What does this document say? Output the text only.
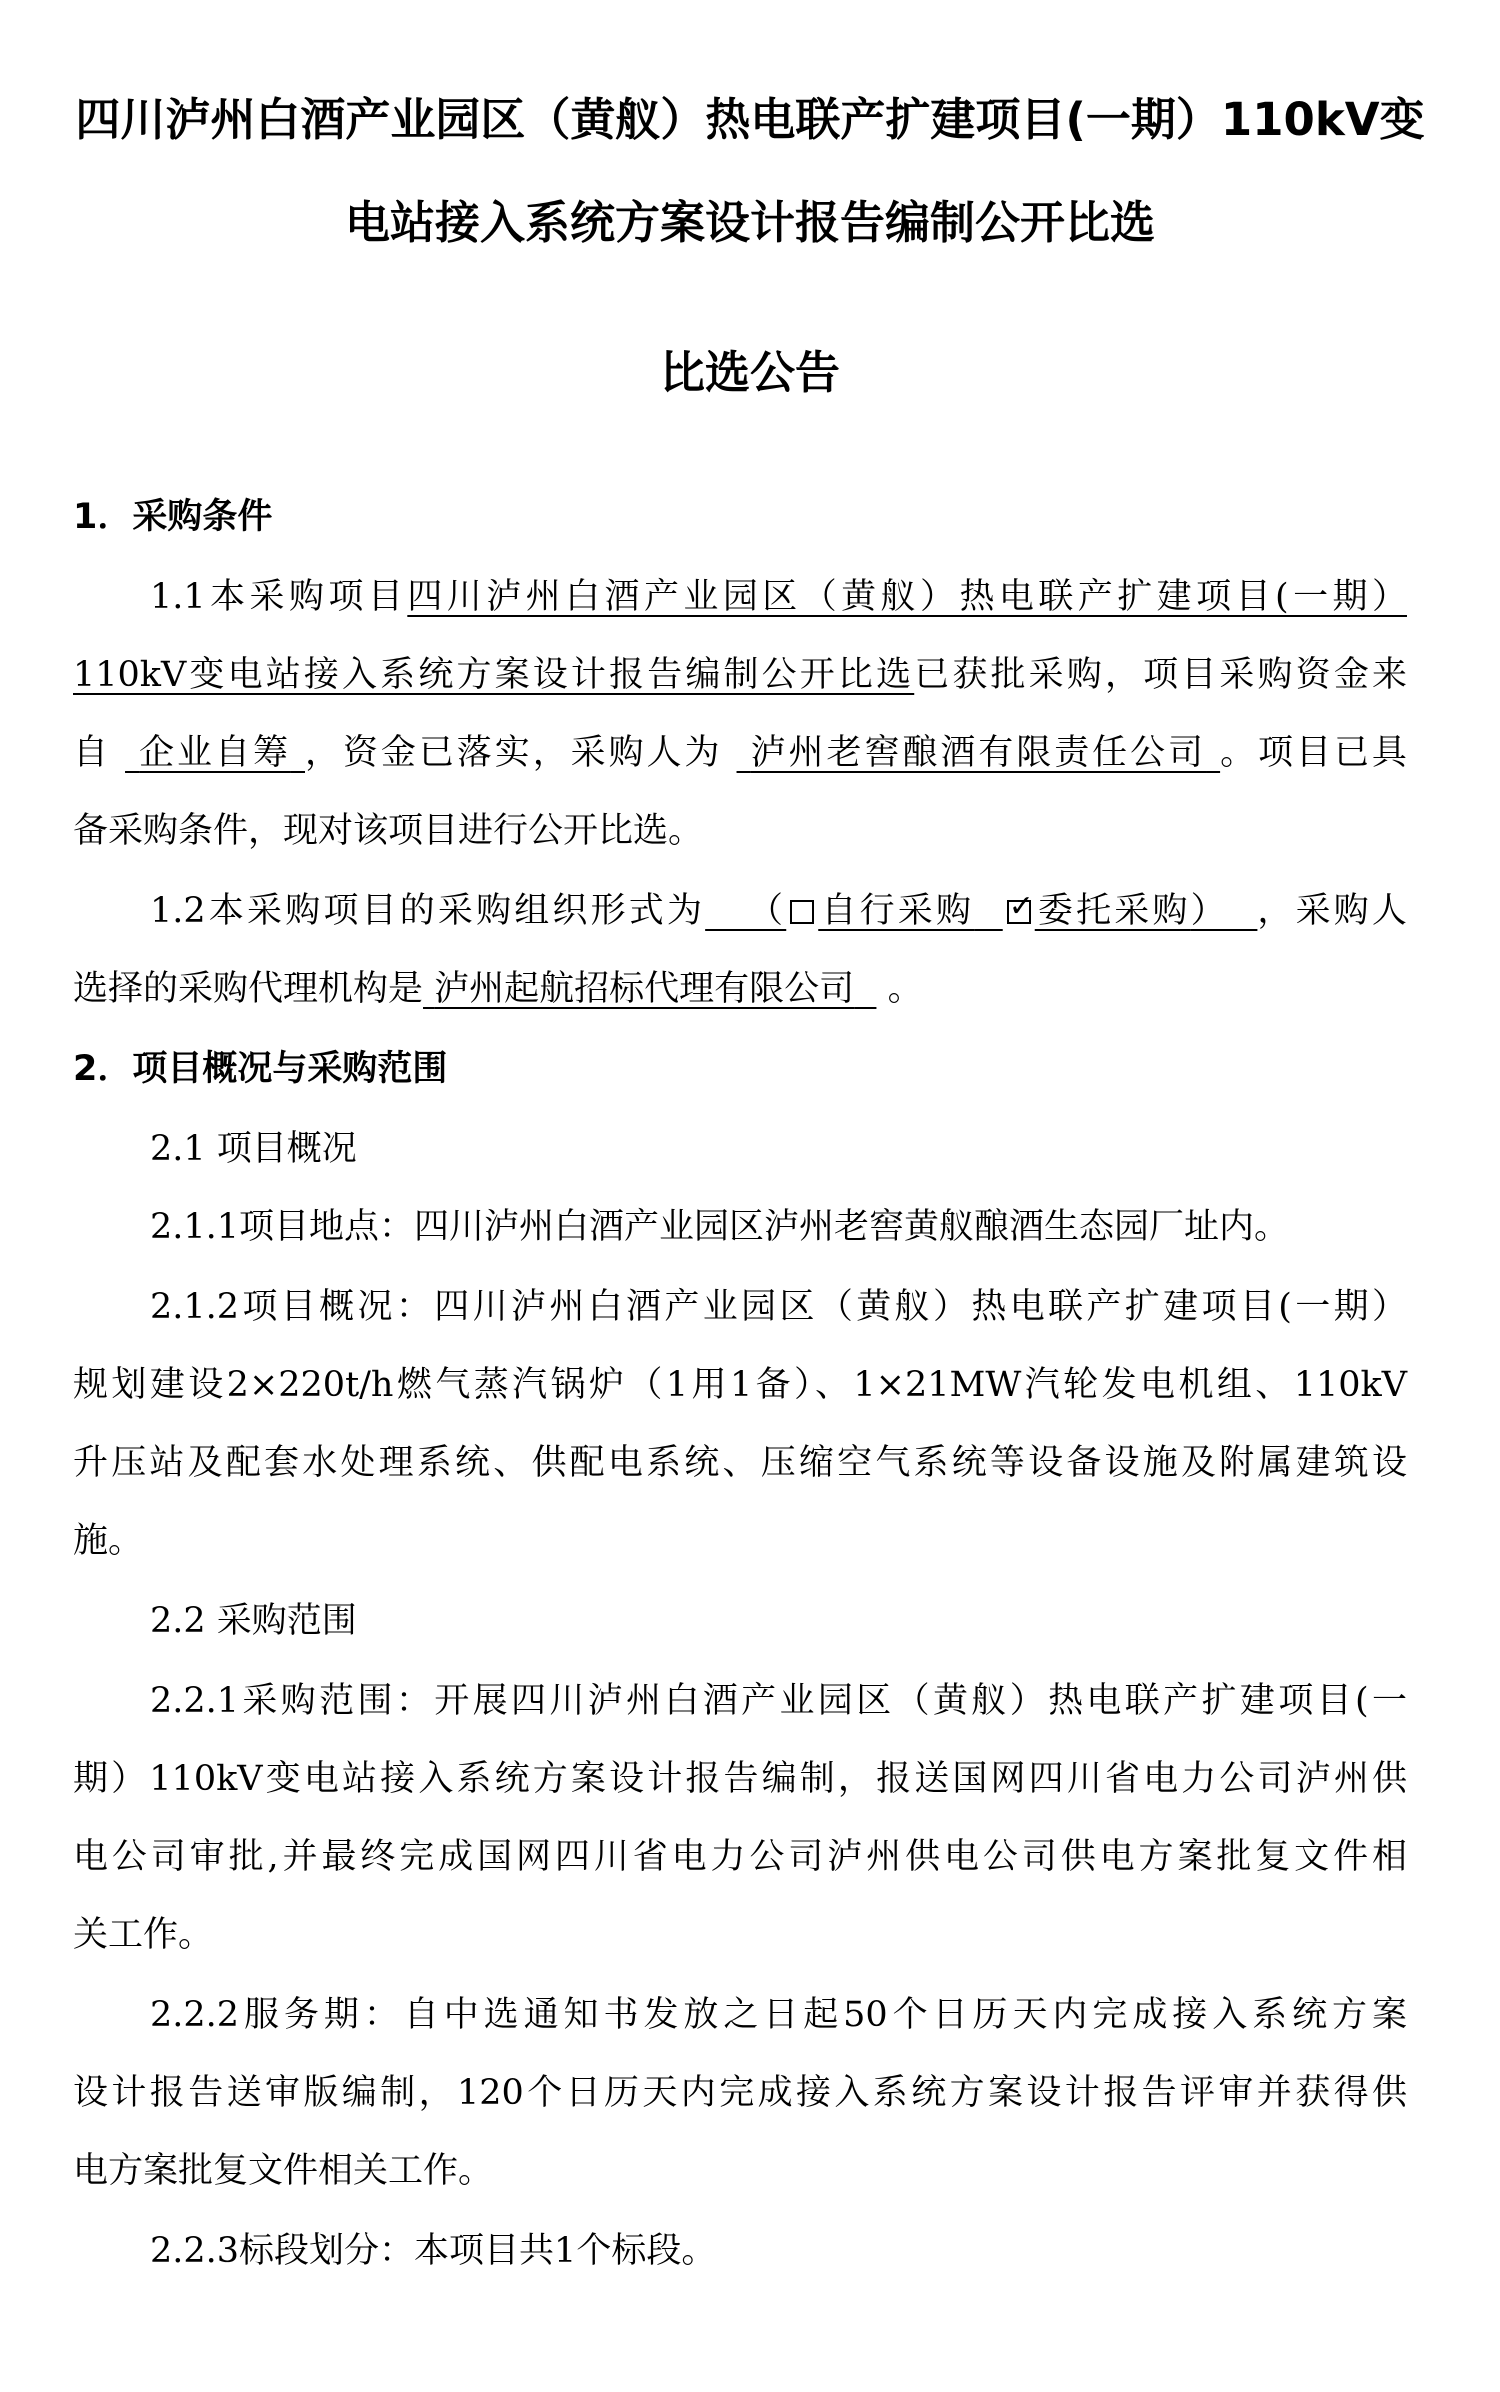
四川泸州白酒产业园区（黄舣）热电联产扩建项目(一期）110kV变
电站接入系统方案设计报告编制公开比选
比选公告
1．采购条件
1.1本采购项目四川泸州白酒产业园区（黄舣）热电联产扩建项目(一期）
110kV变电站接入系统方案设计报告编制公开比选已获批采购，项目采购资金来
自 企业自筹 ，资金已落实，采购人为 泸州老窖酿酒有限责任公司 。项目已具
备采购条件，现对该项目进行公开比选。
1.2本采购项目的采购组织形式为   （ 自行采购 ✓ 委托采购）  ，采购人
选择的采购代理机构是 泸州起航招标代理有限公司 。
2．项目概况与采购范围
2.1 项目概况
2.1.1项目地点：四川泸州白酒产业园区泸州老窖黄舣酿酒生态园厂址内。
2.1.2项目概况：四川泸州白酒产业园区（黄舣）热电联产扩建项目(一期）
规划建设2×220t/h燃气蒸汽锅炉（1用1备）、1×21MW汽轮发电机组、110kV
升压站及配套水处理系统、供配电系统、压缩空气系统等设备设施及附属建筑设
施。
2.2 采购范围
2.2.1采购范围：开展四川泸州白酒产业园区（黄舣）热电联产扩建项目(一
期）110kV变电站接入系统方案设计报告编制，报送国网四川省电力公司泸州供
电公司审批,并最终完成国网四川省电力公司泸州供电公司供电方案批复文件相
关工作。
2.2.2服务期：自中选通知书发放之日起50个日历天内完成接入系统方案
设计报告送审版编制，120个日历天内完成接入系统方案设计报告评审并获得供
电方案批复文件相关工作。
2.2.3标段划分：本项目共1个标段。
